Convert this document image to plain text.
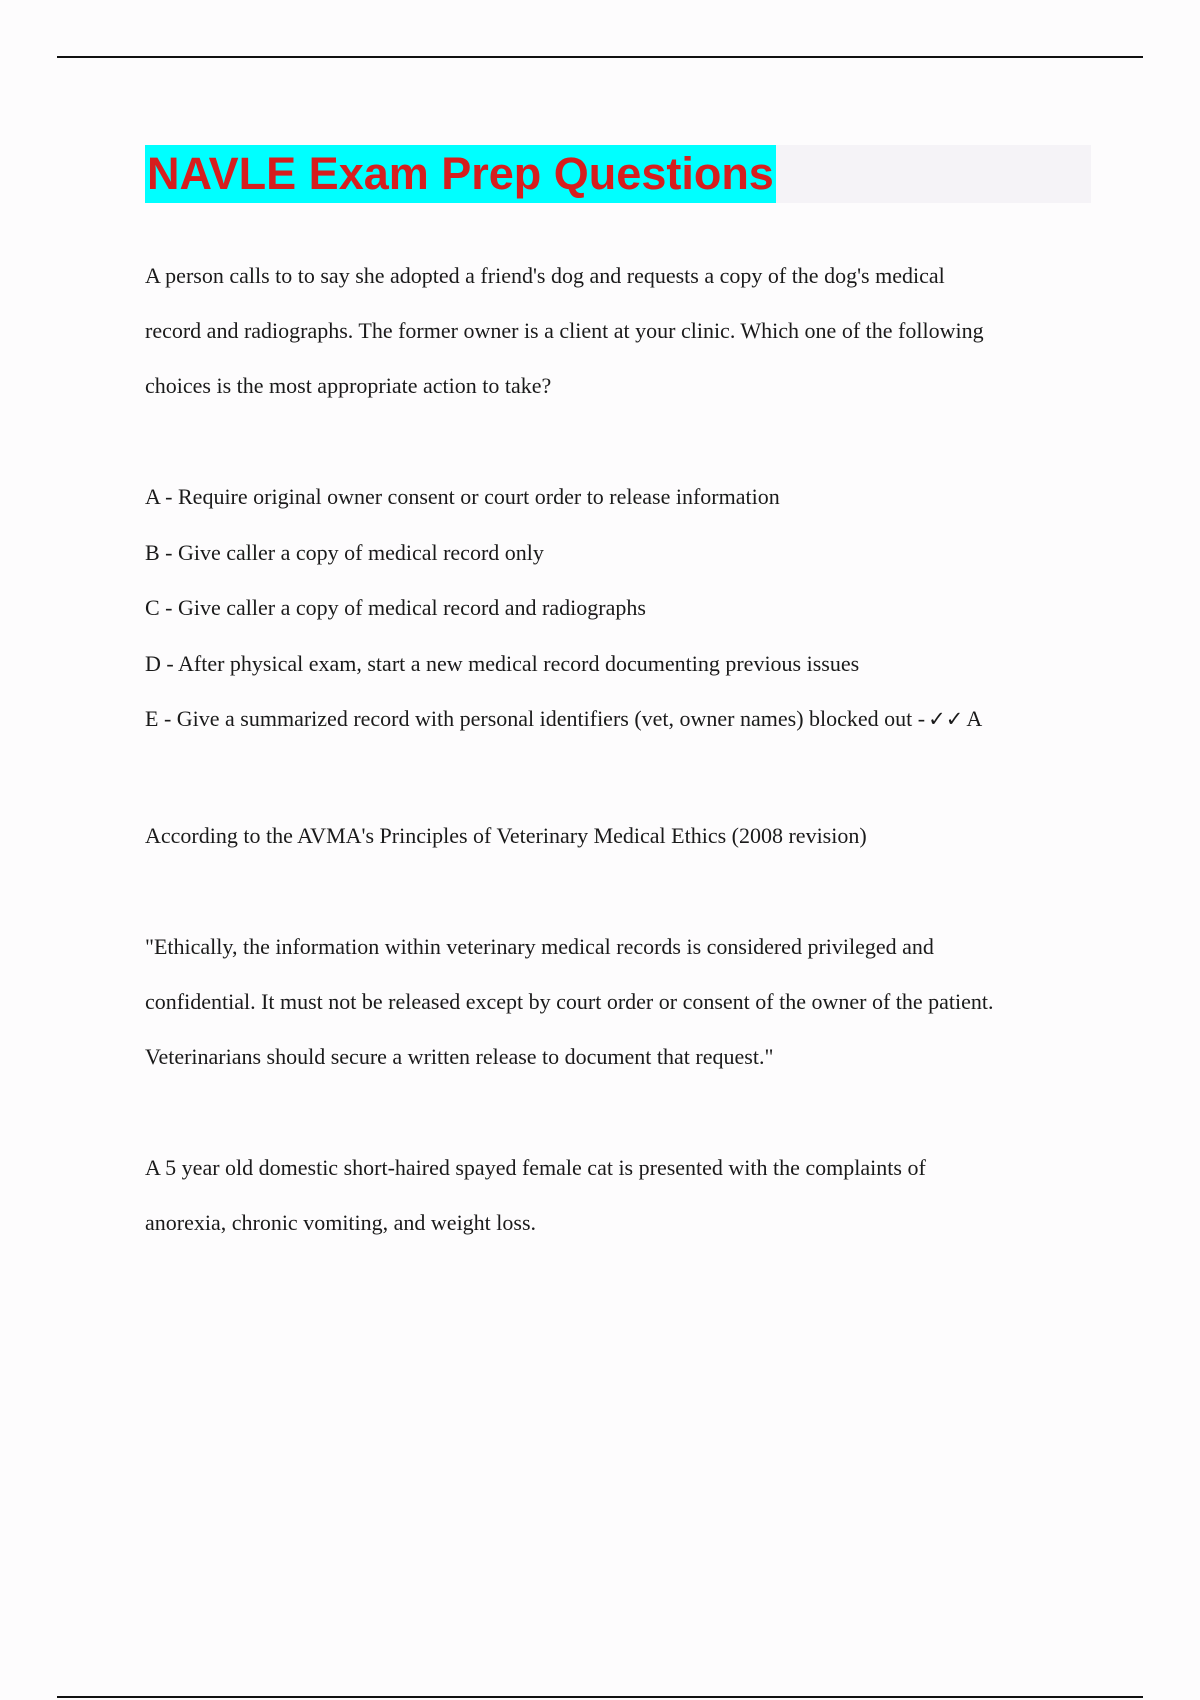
NAVLE Exam Prep Questions

A person calls to to say she adopted a friend's dog and requests a copy of the dog's medical

record and radiographs. The former owner is a client at your clinic. Which one of the following

choices is the most appropriate action to take?

A - Require original owner consent or court order to release information

B - Give caller a copy of medical record only

C - Give caller a copy of medical record and radiographs

D - After physical exam, start a new medical record documenting previous issues

E - Give a summarized record with personal identifiers (vet, owner names) blocked out - ✓✓ A

According to the AVMA's Principles of Veterinary Medical Ethics (2008 revision)

"Ethically, the information within veterinary medical records is considered privileged and

confidential. It must not be released except by court order or consent of the owner of the patient.

Veterinarians should secure a written release to document that request."

A 5 year old domestic short-haired spayed female cat is presented with the complaints of

anorexia, chronic vomiting, and weight loss.
